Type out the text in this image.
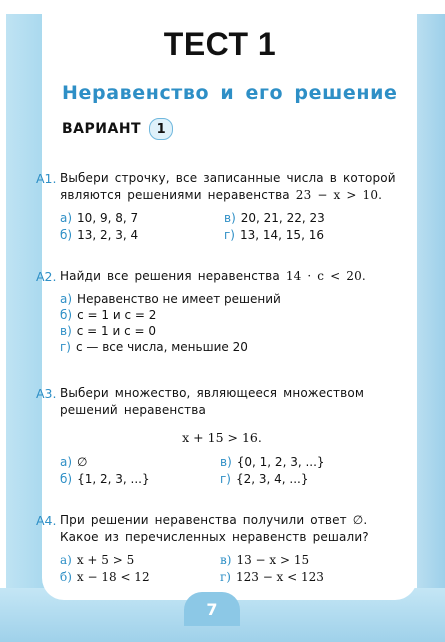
ТЕСТ 1
Неравенство и его решение
ВАРИАНТ	1
A1. Выбери строчку, все записанные числа в которой являются решениями неравенства 23 − x > 10.
а) 10, 9, 8, 7
б) 13, 2, 3, 4
в) 20, 21, 22, 23
г) 13, 14, 15, 16
A2. Найди все решения неравенства 14 · c < 20.
а) Неравенство не имеет решений
б) c = 1 и c = 2
в) c = 1 и c = 0
г) c — все числа, меньшие 20
A3. Выбери множество, являющееся множеством решений неравенства
x + 15 > 16.
а) ∅
б) {1, 2, 3, ...}
в) {0, 1, 2, 3, ...}
г) {2, 3, 4, ...}
A4. При решении неравенства получили ответ ∅. Какое из перечисленных неравенств решали?
а) x + 5 > 5
б) x − 18 < 12
в) 13 − x > 15
г) 123 − x < 123
7
